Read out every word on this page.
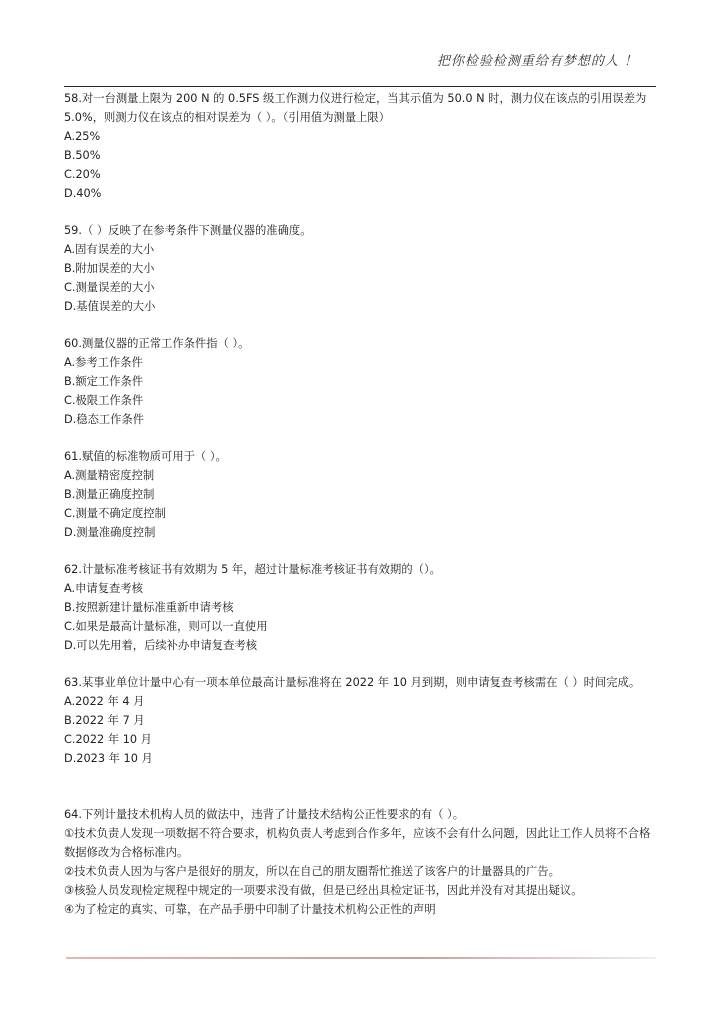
把你检验检测重给有梦想的人 ！
58.对一台测量上限为 200 N 的 0.5FS 级工作测力仪进行检定，当其示值为 50.0 N 时，测力仪在该点的引用误差为 5.0%，则测力仪在该点的相对误差为（ ）。（引用值为测量上限）
A.25%
B.50%
C.20%
D.40%
59.（ ）反映了在参考条件下测量仪器的准确度。
A.固有误差的大小
B.附加误差的大小
C.测量误差的大小
D.基值误差的大小
60.测量仪器的正常工作条件指（ ）。
A.参考工作条件
B.额定工作条件
C.极限工作条件
D.稳态工作条件
61.赋值的标准物质可用于（ ）。
A.测量精密度控制
B.测量正确度控制
C.测量不确定度控制
D.测量准确度控制
62.计量标准考核证书有效期为 5 年，超过计量标准考核证书有效期的（）。
A.申请复查考核
B.按照新建计量标准重新申请考核
C.如果是最高计量标准，则可以一直使用
D.可以先用着，后续补办申请复查考核
63.某事业单位计量中心有一项本单位最高计量标准将在 2022 年 10 月到期，则申请复查考核需在（ ）时间完成。
A.2022 年 4 月
B.2022 年 7 月
C.2022 年 10 月
D.2023 年 10 月
64.下列计量技术机构人员的做法中，违背了计量技术结构公正性要求的有（ ）。
①技术负责人发现一项数据不符合要求，机构负责人考虑到合作多年，应该不会有什么问题，因此让工作人员将不合格数据修改为合格标准内。
②技术负责人因为与客户是很好的朋友，所以在自己的朋友圈帮忙推送了该客户的计量器具的广告。
③核验人员发现检定规程中规定的一项要求没有做，但是已经出具检定证书，因此并没有对其提出疑议。
④为了检定的真实、可靠，在产品手册中印制了计量技术机构公正性的声明
